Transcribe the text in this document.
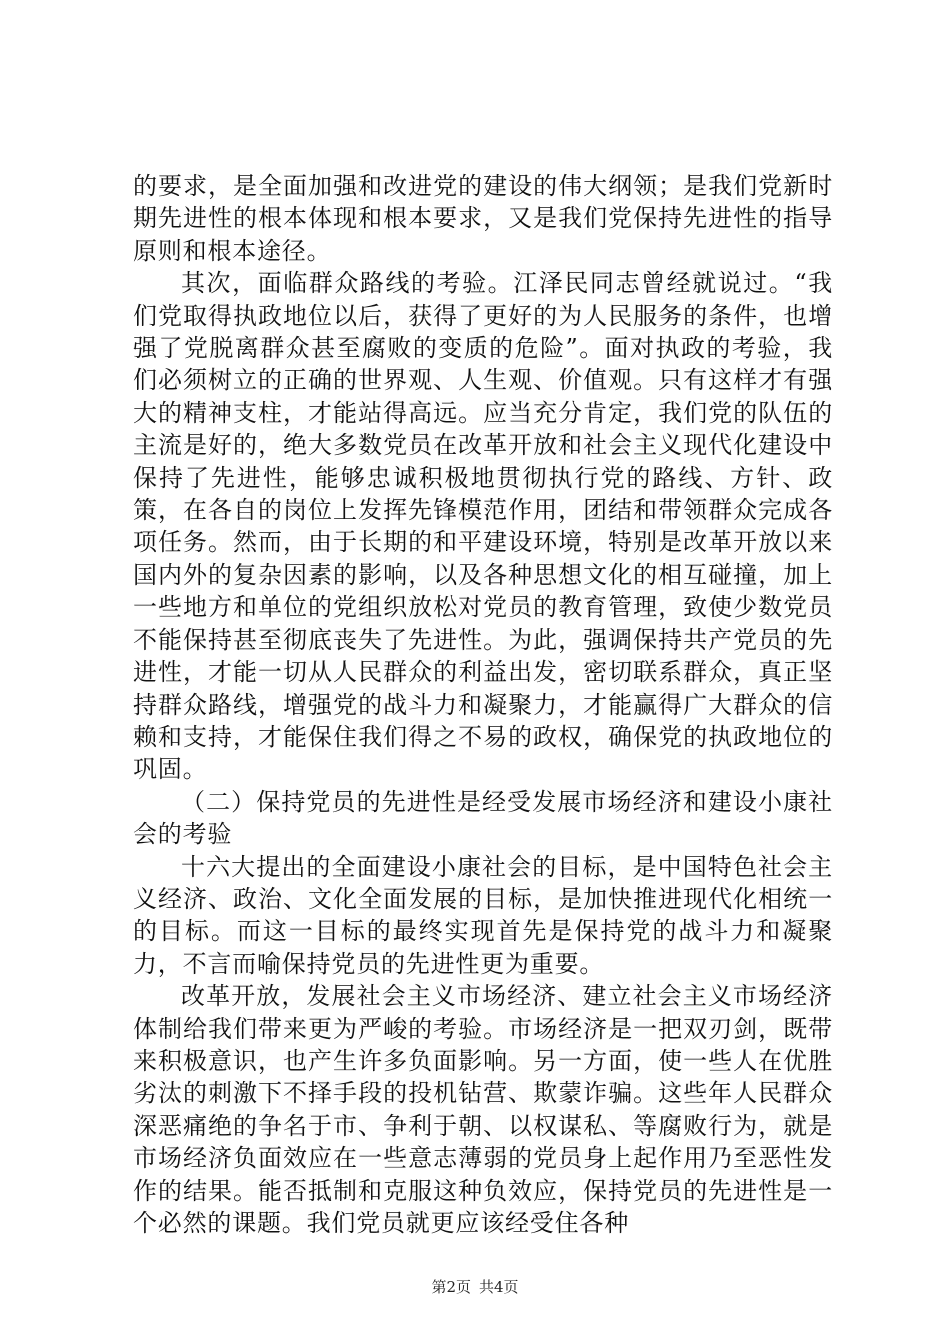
的要求，是全面加强和改进党的建设的伟大纲领；是我们党新时期先进性的根本体现和根本要求，又是我们党保持先进性的指导原则和根本途径。

其次，面临群众路线的考验。江泽民同志曾经就说过。“我们党取得执政地位以后，获得了更好的为人民服务的条件，也增强了党脱离群众甚至腐败的变质的危险”。面对执政的考验，我们必须树立的正确的世界观、人生观、价值观。只有这样才有强大的精神支柱，才能站得高远。应当充分肯定，我们党的队伍的主流是好的，绝大多数党员在改革开放和社会主义现代化建设中保持了先进性，能够忠诚积极地贯彻执行党的路线、方针、政策，在各自的岗位上发挥先锋模范作用，团结和带领群众完成各项任务。然而，由于长期的和平建设环境，特别是改革开放以来国内外的复杂因素的影响，以及各种思想文化的相互碰撞，加上一些地方和单位的党组织放松对党员的教育管理，致使少数党员不能保持甚至彻底丧失了先进性。为此，强调保持共产党员的先进性，才能一切从人民群众的利益出发，密切联系群众，真正坚持群众路线，增强党的战斗力和凝聚力，才能赢得广大群众的信赖和支持，才能保住我们得之不易的政权，确保党的执政地位的巩固。

（二）保持党员的先进性是经受发展市场经济和建设小康社会的考验

十六大提出的全面建设小康社会的目标，是中国特色社会主义经济、政治、文化全面发展的目标，是加快推进现代化相统一的目标。而这一目标的最终实现首先是保持党的战斗力和凝聚力，不言而喻保持党员的先进性更为重要。

改革开放，发展社会主义市场经济、建立社会主义市场经济体制给我们带来更为严峻的考验。市场经济是一把双刃剑，既带来积极意识，也产生许多负面影响。另一方面，使一些人在优胜劣汰的刺激下不择手段的投机钻营、欺蒙诈骗。这些年人民群众深恶痛绝的争名于市、争利于朝、以权谋私、等腐败行为，就是市场经济负面效应在一些意志薄弱的党员身上起作用乃至恶性发作的结果。能否抵制和克服这种负效应，保持党员的先进性是一个必然的课题。我们党员就更应该经受住各种

第2页 共4页
